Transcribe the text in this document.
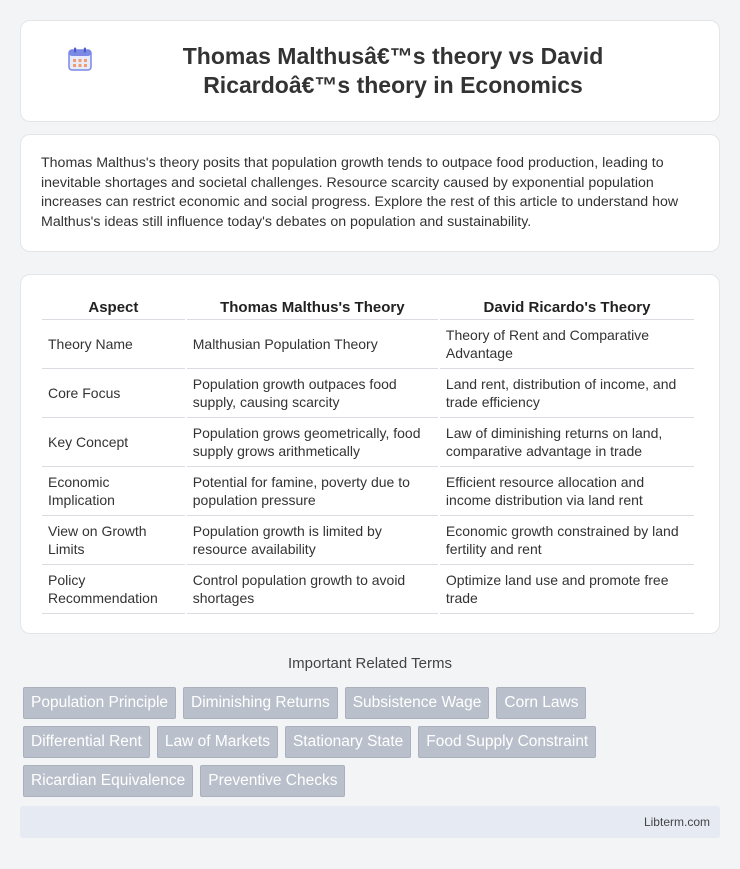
Thomas Malthusâ€™s theory vs David Ricardoâ€™s theory in Economics

Thomas Malthus's theory posits that population growth tends to outpace food production, leading to inevitable shortages and societal challenges. Resource scarcity caused by exponential population increases can restrict economic and social progress. Explore the rest of this article to understand how Malthus's ideas still influence today's debates on population and sustainability.

Aspect	Thomas Malthus's Theory	David Ricardo's Theory
Theory Name	Malthusian Population Theory	Theory of Rent and Comparative Advantage
Core Focus	Population growth outpaces food supply, causing scarcity	Land rent, distribution of income, and trade efficiency
Key Concept	Population grows geometrically, food supply grows arithmetically	Law of diminishing returns on land, comparative advantage in trade
Economic Implication	Potential for famine, poverty due to population pressure	Efficient resource allocation and income distribution via land rent
View on Growth Limits	Population growth is limited by resource availability	Economic growth constrained by land fertility and rent
Policy Recommendation	Control population growth to avoid shortages	Optimize land use and promote free trade
Important Related Terms
Population Principle	Diminishing Returns	Subsistence Wage	Corn Laws
Differential Rent	Law of Markets	Stationary State	Food Supply Constraint
Ricardian Equivalence	Preventive Checks
Libterm.com
